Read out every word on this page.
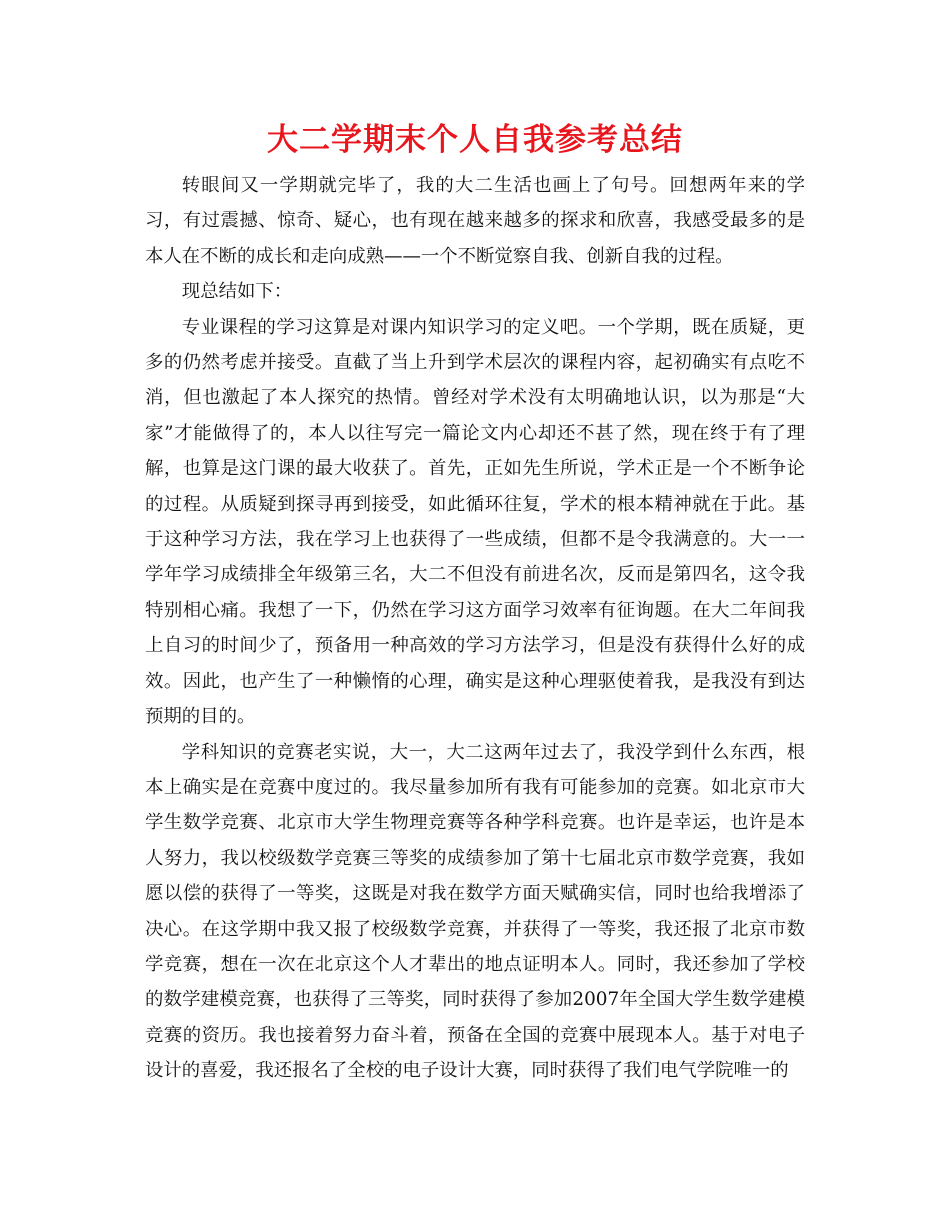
大二学期末个人自我参考总结

转眼间又一学期就完毕了，我的大二生活也画上了句号。回想两年来的学习，有过震撼、惊奇、疑心，也有现在越来越多的探求和欣喜，我感受最多的是本人在不断的成长和走向成熟——一个不断觉察自我、创新自我的过程。

现总结如下：

专业课程的学习这算是对课内知识学习的定义吧。一个学期，既在质疑，更多的仍然考虑并接受。直截了当上升到学术层次的课程内容，起初确实有点吃不消，但也激起了本人探究的热情。曾经对学术没有太明确地认识，以为那是“大家”才能做得了的，本人以往写完一篇论文内心却还不甚了然，现在终于有了理解，也算是这门课的最大收获了。首先，正如先生所说，学术正是一个不断争论的过程。从质疑到探寻再到接受，如此循环往复，学术的根本精神就在于此。基于这种学习方法，我在学习上也获得了一些成绩，但都不是令我满意的。大一一学年学习成绩排全年级第三名，大二不但没有前进名次，反而是第四名，这令我特别相心痛。我想了一下，仍然在学习这方面学习效率有征询题。在大二年间我上自习的时间少了，预备用一种高效的学习方法学习，但是没有获得什么好的成效。因此，也产生了一种懒惰的心理，确实是这种心理驱使着我，是我没有到达预期的目的。

学科知识的竞赛老实说，大一，大二这两年过去了，我没学到什么东西，根本上确实是在竞赛中度过的。我尽量参加所有我有可能参加的竞赛。如北京市大学生数学竞赛、北京市大学生物理竞赛等各种学科竞赛。也许是幸运，也许是本人努力，我以校级数学竞赛三等奖的成绩参加了第十七届北京市数学竞赛，我如愿以偿的获得了一等奖，这既是对我在数学方面天赋确实信，同时也给我增添了决心。在这学期中我又报了校级数学竞赛，并获得了一等奖，我还报了北京市数学竞赛，想在一次在北京这个人才辈出的地点证明本人。同时，我还参加了学校的数学建模竞赛，也获得了三等奖，同时获得了参加2007年全国大学生数学建模竞赛的资历。我也接着努力奋斗着，预备在全国的竞赛中展现本人。基于对电子设计的喜爱，我还报名了全校的电子设计大赛，同时获得了我们电气学院唯一的
